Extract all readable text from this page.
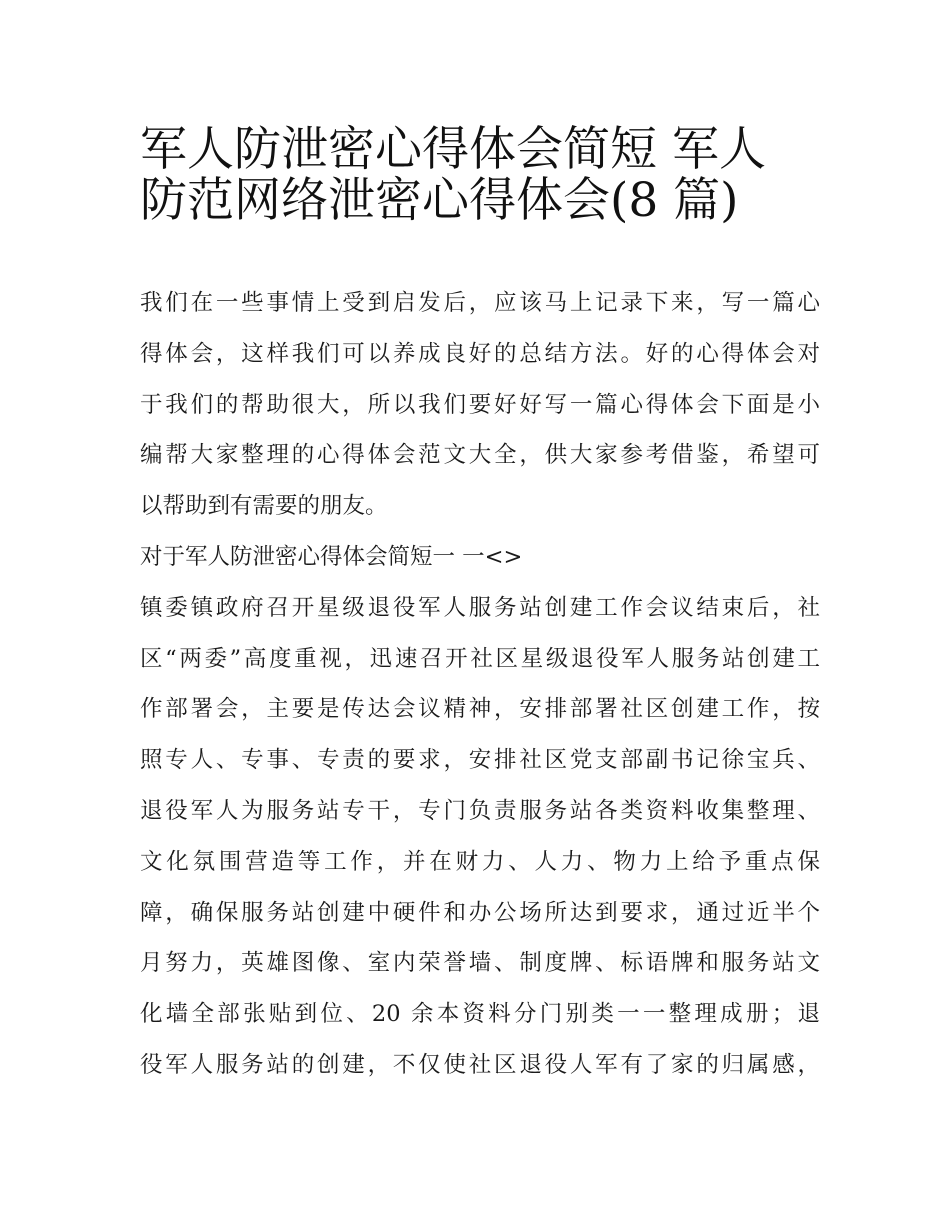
军人防泄密心得体会简短 军人
防范网络泄密心得体会(8 篇)
我们在一些事情上受到启发后，应该马上记录下来，写一篇心
得体会，这样我们可以养成良好的总结方法。好的心得体会对
于我们的帮助很大，所以我们要好好写一篇心得体会下面是小
编帮大家整理的心得体会范文大全，供大家参考借鉴，希望可
以帮助到有需要的朋友。
对于军人防泄密心得体会简短一 一<>
镇委镇政府召开星级退役军人服务站创建工作会议结束后，社
区“两委”高度重视，迅速召开社区星级退役军人服务站创建工
作部署会，主要是传达会议精神，安排部署社区创建工作，按
照专人、专事、专责的要求，安排社区党支部副书记徐宝兵、
退役军人为服务站专干，专门负责服务站各类资料收集整理、
文化氛围营造等工作，并在财力、人力、物力上给予重点保
障，确保服务站创建中硬件和办公场所达到要求，通过近半个
月努力，英雄图像、室内荣誉墙、制度牌、标语牌和服务站文
化墙全部张贴到位、20 余本资料分门别类一一整理成册；退
役军人服务站的创建，不仅使社区退役人军有了家的归属感，
